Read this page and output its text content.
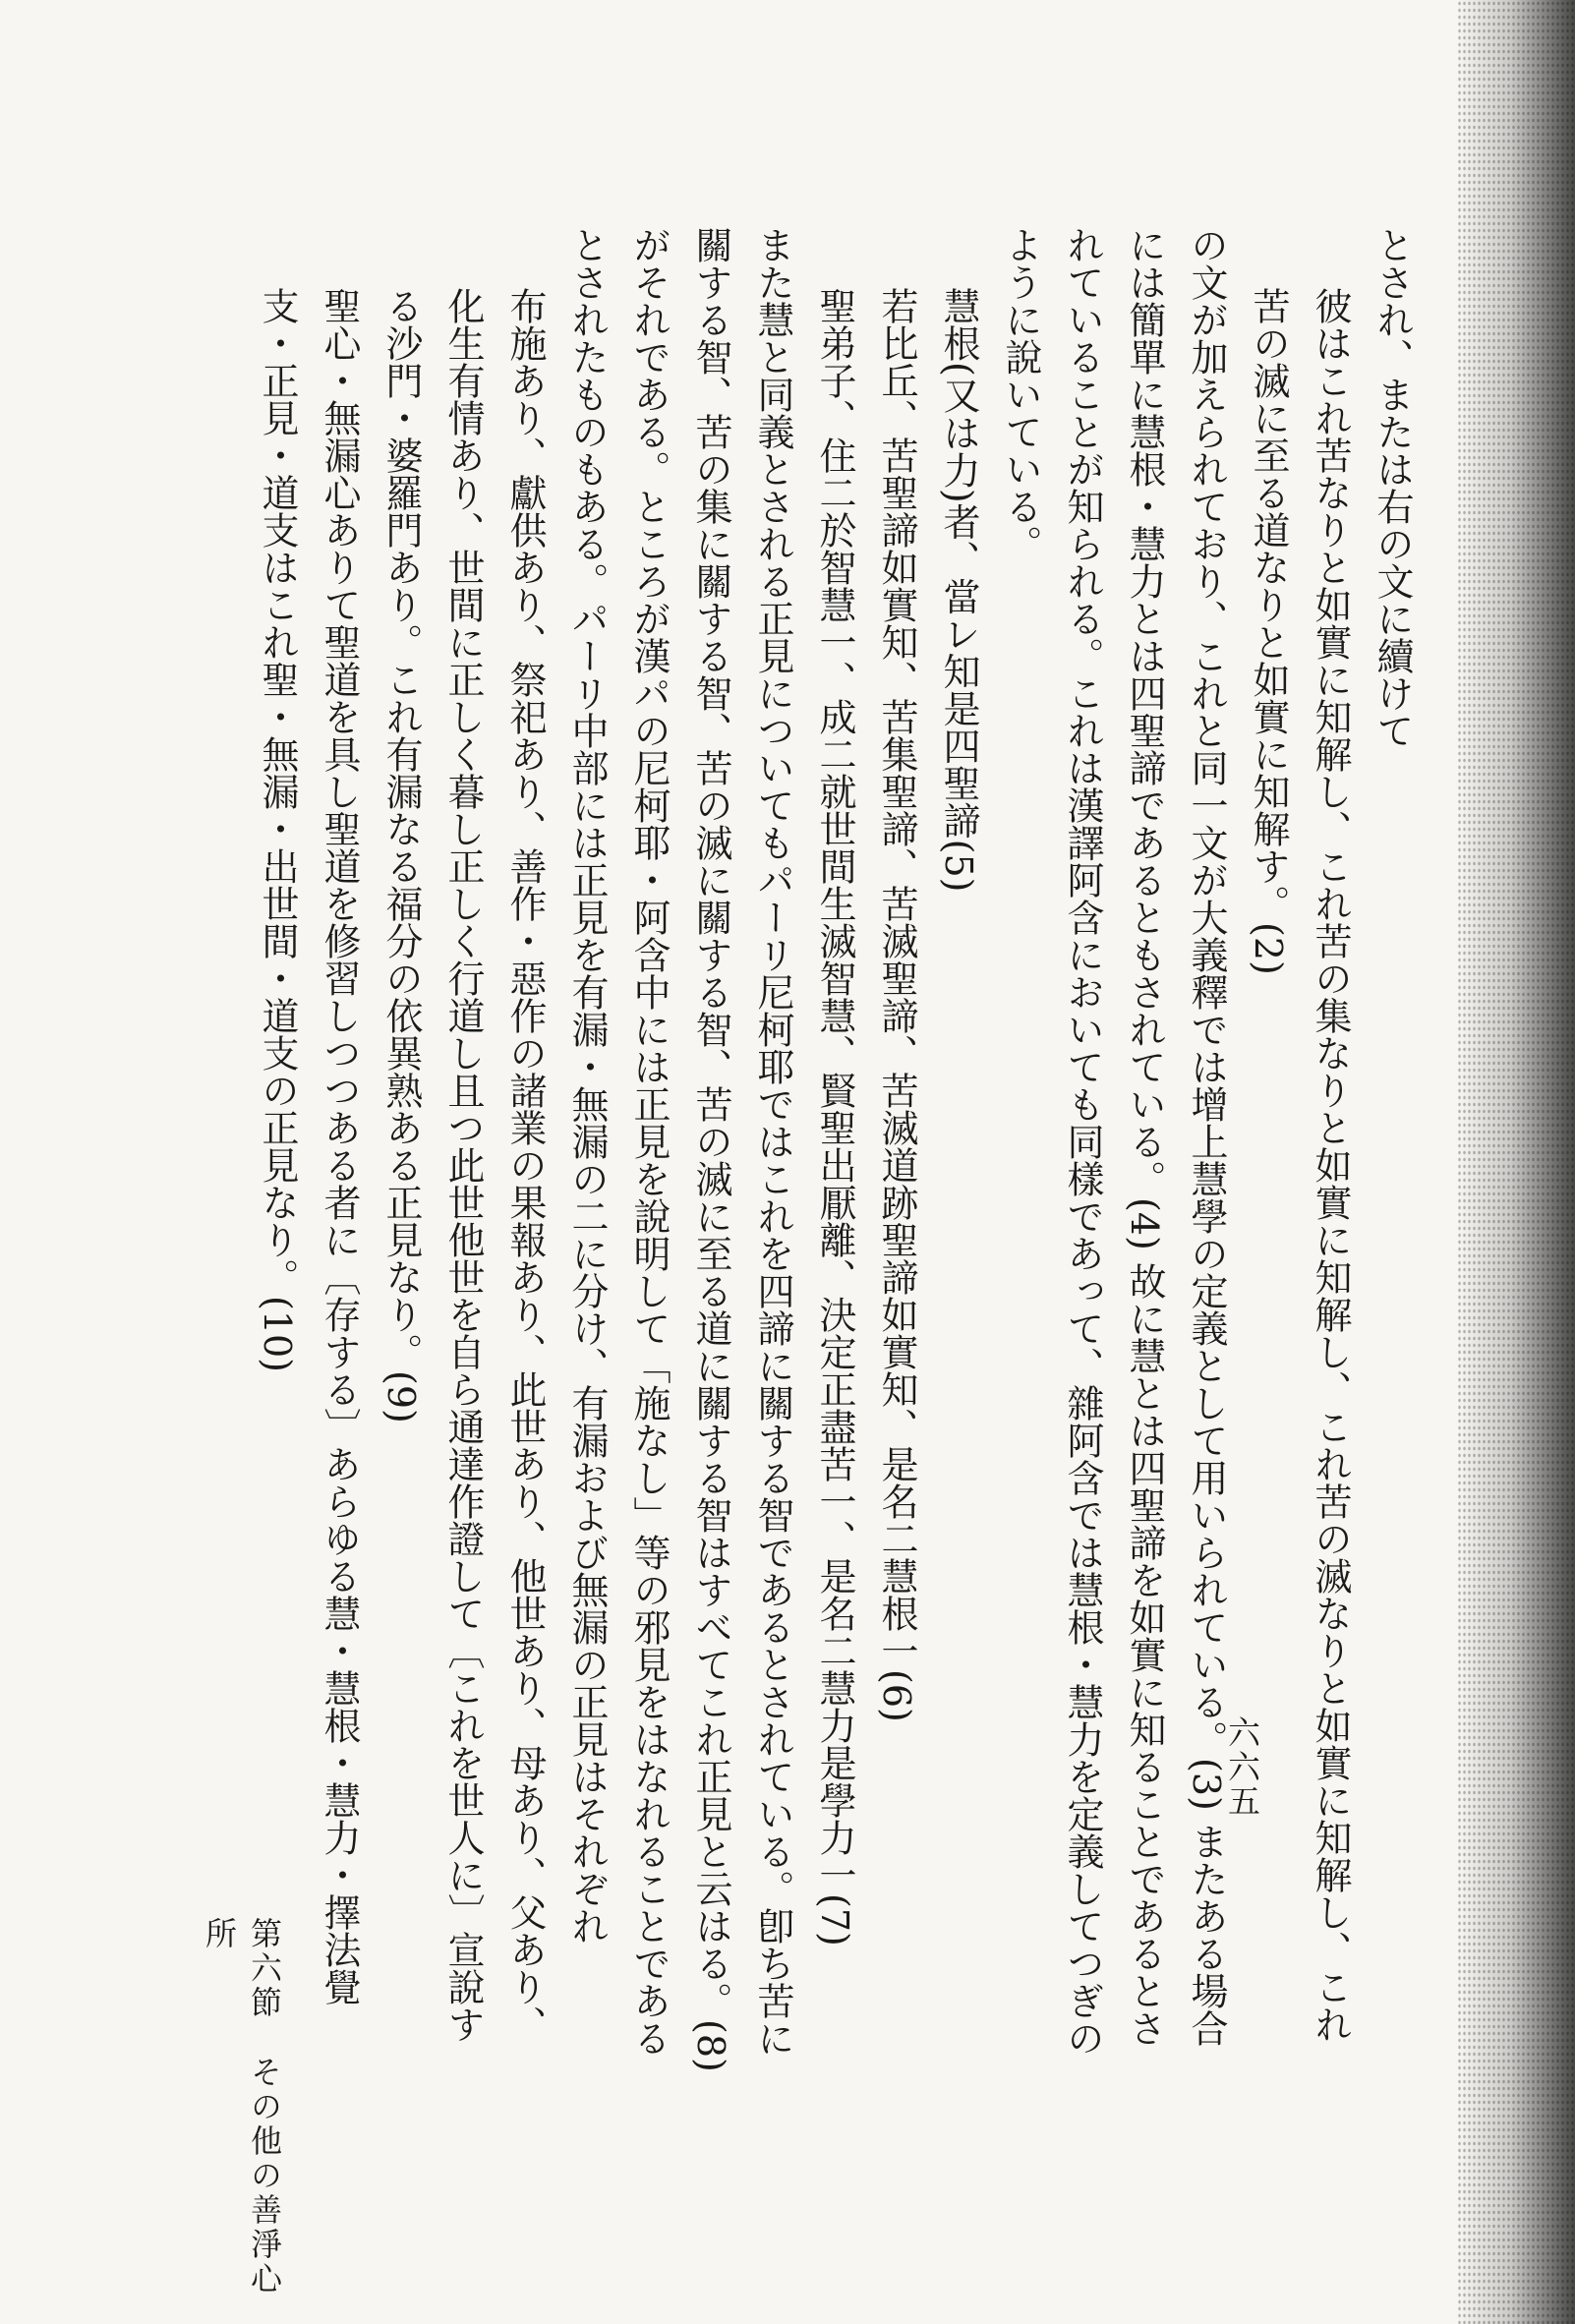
六六五

とされ、または右の文に續けて

彼はこれ苦なりと如實に知解し、これ苦の集なりと如實に知解し、これ苦の滅なりと如實に知解し、これ苦の滅に至る道なりと如實に知解す。(2)

の文が加えられており、これと同一文が大義釋では增上慧學の定義として用いられている。(3) またある場合には簡單に慧根・慧力とは四聖諦であるともされている。(4) 故に慧とは四聖諦を如實に知ることであるとされていることが知られる。これは漢譯阿含においても同樣であって、雜阿含では慧根・慧力を定義してつぎのように說いている。

慧根(又は力)者、當レ知是四聖諦(5)

若比丘、苦聖諦如實知、苦集聖諦、苦滅聖諦、苦滅道跡聖諦如實知、是名二慧根一(6)

聖弟子、住二於智慧一、成二就世間生滅智慧、賢聖出厭離、決定正盡苦一、是名二慧力是學力一(7)

また慧と同義とされる正見についてもパーリ尼柯耶ではこれを四諦に關する智であるとされている。卽ち苦に關する智、苦の集に關する智、苦の滅に關する智、苦の滅に至る道に關する智はすべてこれ正見と云はる。(8)

がそれである。ところが漢パの尼柯耶・阿含中には正見を說明して「施なし」等の邪見をはなれることであるとされたものもある。パーリ中部には正見を有漏・無漏の二に分け、有漏および無漏の正見はそれぞれ

布施あり、獻供あり、祭祀あり、善作・惡作の諸業の果報あり、此世あり、他世あり、母あり、父あり、化生有情あり、世間に正しく暮し正しく行道し且つ此世他世を自ら通達作證して〔これを世人に〕宣說する沙門・婆羅門あり。これ有漏なる福分の依異熟ある正見なり。(9)

聖心・無漏心ありて聖道を具し聖道を修習しつつある者に〔存する〕あらゆる慧・慧根・慧力・擇法覺支・正見・道支はこれ聖・無漏・出世間・道支の正見なり。(10)

第六節その他の善淨心所
